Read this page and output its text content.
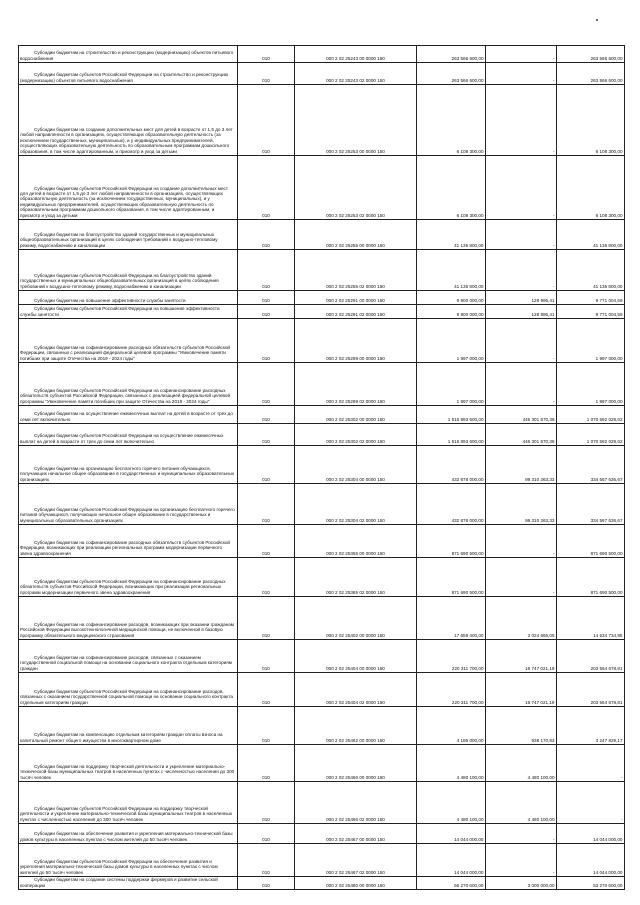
Субсидии бюджетам на строительство и реконструкцию (модернизацию) объектов питьевого водоснабжения	010	000 2 02 25243 00 0000 150	263 566 600,00	-	263 566 600,00
Субсидии бюджетам субъектов Российской Федерации на строительство и реконструкцию (модернизацию) объектов питьевого водоснабжения	010	000 2 02 25243 02 0000 150	263 566 600,00	-	263 566 600,00
Субсидии бюджетам на создание дополнительных мест для детей в возрасте от 1,5 до 3 лет любой направленности в организациях, осуществляющих образовательную деятельность (за исключением государственных, муниципальных), и у индивидуальных предпринимателей, осуществляющих образовательную деятельность по образовательным программам дошкольного образования, в том числе адаптированным, и присмотр и уход за детьми	010	000 2 02 25253 00 0000 150	6 108 300,00	-	6 108 300,00
Субсидии бюджетам субъектов Российской Федерации на создание дополнительных мест для детей в возрасте от 1,5 до 3 лет любой направленности в организациях, осуществляющих образовательную деятельность (за исключением государственных, муниципальных), и у индивидуальных предпринимателей, осуществляющих образовательную деятельность по образовательным программам дошкольного образования, в том числе адаптированным, и присмотр и уход за детьми	010	000 2 02 25253 02 0000 150	6 108 300,00	-	6 108 300,00
Субсидии бюджетам на благоустройство зданий государственных и муниципальных общеобразовательных организаций в целях соблюдения требований к воздушно-тепловому режиму, водоснабжению и канализации	010	000 2 02 25255 00 0000 150	41 135 800,00	-	41 135 800,00
Субсидии бюджетам субъектов Российской Федерации на благоустройство зданий государственных и муниципальных общеобразовательных организаций в целях соблюдения требований к воздушно-тепловому режиму, водоснабжению и канализации	010	000 2 02 25255 02 0000 150	41 135 800,00	-	41 135 800,00
Субсидии бюджетам на повышение эффективности службы занятости	010	000 2 02 25291 00 0000 150	9 900 000,00	128 995,41	9 771 004,59
Субсидии бюджетам субъектов Российской Федерации на повышение эффективности службы занятости	010	000 2 02 25291 02 0000 150	9 900 000,00	128 995,41	9 771 004,59
Субсидии бюджетам на софинансирование расходных обязательств субъектов Российской Федерации, связанных с реализацией федеральной целевой программы "Увековечение памяти погибших при защите Отечества на 2019 - 2024 годы"	010	000 2 02 25299 00 0000 150	1 997 000,00	-	1 997 000,00
Субсидии бюджетам субъектов Российской Федерации на софинансирование расходных обязательств субъектов Российской Федерации, связанных с реализацией федеральной целевой программы "Увековечение памяти погибших при защите Отечества на 2019 - 2024 годы"	010	000 2 02 25299 02 0000 150	1 997 000,00	-	1 997 000,00
Субсидии бюджетам на осуществление ежемесячных выплат на детей в возрасте от трех до семи лет включительно	010	000 2 02 25302 00 0000 150	1 516 893 600,00	446 301 570,38	1 070 592 029,62
Субсидии бюджетам субъектов Российской Федерации на осуществление ежемесячных выплат на детей в возрасте от трех до семи лет включительно	010	000 2 02 25302 02 0000 150	1 516 893 600,00	446 301 570,38	1 070 592 029,62
Субсидии бюджетам на организацию бесплатного горячего питания обучающихся, получающих начальное общее образование в государственных и муниципальных образовательных организациях	010	000 2 02 25304 00 0000 150	432 878 000,00	98 310 363,33	334 567 636,67
Субсидии бюджетам субъектов Российской Федерации на организацию бесплатного горячего питания обучающихся, получающих начальное общее образование в государственных и муниципальных образовательных организациях	010	000 2 02 25304 02 0000 150	432 878 000,00	98 310 363,33	334 567 636,67
Субсидии бюджетам на софинансирование расходных обязательств субъектов Российской Федерации, возникающих при реализации региональных программ модернизации первичного звена здравоохранения	010	000 2 02 25365 00 0000 150	871 690 500,00	-	871 690 500,00
Субсидии бюджетам субъектов Российской Федерации на софинансирование расходных обязательств субъектов Российской Федерации, возникающих при реализации региональных программ модернизации первичного звена здравоохранения	010	000 2 02 25365 02 0000 150	871 690 500,00	-	871 690 500,00
Субсидии бюджетам на софинансирование расходов, возникающих при оказании гражданам Российской Федерации высокотехнологичной медицинской помощи, не включенной в базовую программу обязательного медицинского страхования	010	000 2 02 25402 00 0000 150	17 659 400,00	3 024 665,05	14 634 734,95
Субсидии бюджетам на софинансирование расходов, связанных с оказанием государственной социальной помощи на основании социального контракта отдельным категориям граждан	010	000 2 02 25404 00 0000 150	220 311 700,00	16 747 021,19	203 564 678,81
Субсидии бюджетам субъектов Российской Федерации на софинансирование расходов, связанных с оказанием государственной социальной помощи на основании социального контракта отдельным категориям граждан	010	000 2 02 25404 02 0000 150	220 311 700,00	16 747 021,19	203 564 678,81
Субсидии бюджетам на компенсацию отдельным категориям граждан оплаты взноса на капитальный ремонт общего имущества в многоквартирном доме	010	000 2 02 25462 00 0000 150	4 186 000,00	938 170,83	3 247 829,17
Субсидии бюджетам на поддержку творческой деятельности и укрепление материально-технической базы муниципальных театров в населенных пунктах с численностью населения до 300 тысяч человек	010	000 2 02 25466 00 0000 150	4 480 100,00	4 480 100,00	-
Субсидии бюджетам субъектов Российской Федерации на поддержку творческой деятельности и укрепление материально-технической базы муниципальных театров в населенных пунктах с численностью населения до 300 тысяч человек	010	000 2 02 25466 02 0000 150	4 480 100,00	4 480 100,00	-
Субсидии бюджетам на обеспечение развития и укрепления материально-технической базы домов культуры в населенных пунктах с числом жителей до 50 тысяч человек	010	000 2 02 25467 00 0000 150	14 044 000,00	-	14 044 000,00
Субсидии бюджетам субъектов Российской Федерации на обеспечение развития и укрепления материально-технической базы домов культуры в населенных пунктах с числом жителей до 50 тысяч человек	010	000 2 02 25467 02 0000 150	14 044 000,00	-	14 044 000,00
Субсидии бюджетам на создание системы поддержки фермеров и развитие сельской кооперации	010	000 2 02 25480 00 0000 150	56 270 600,00	3 000 000,00	53 270 600,00
